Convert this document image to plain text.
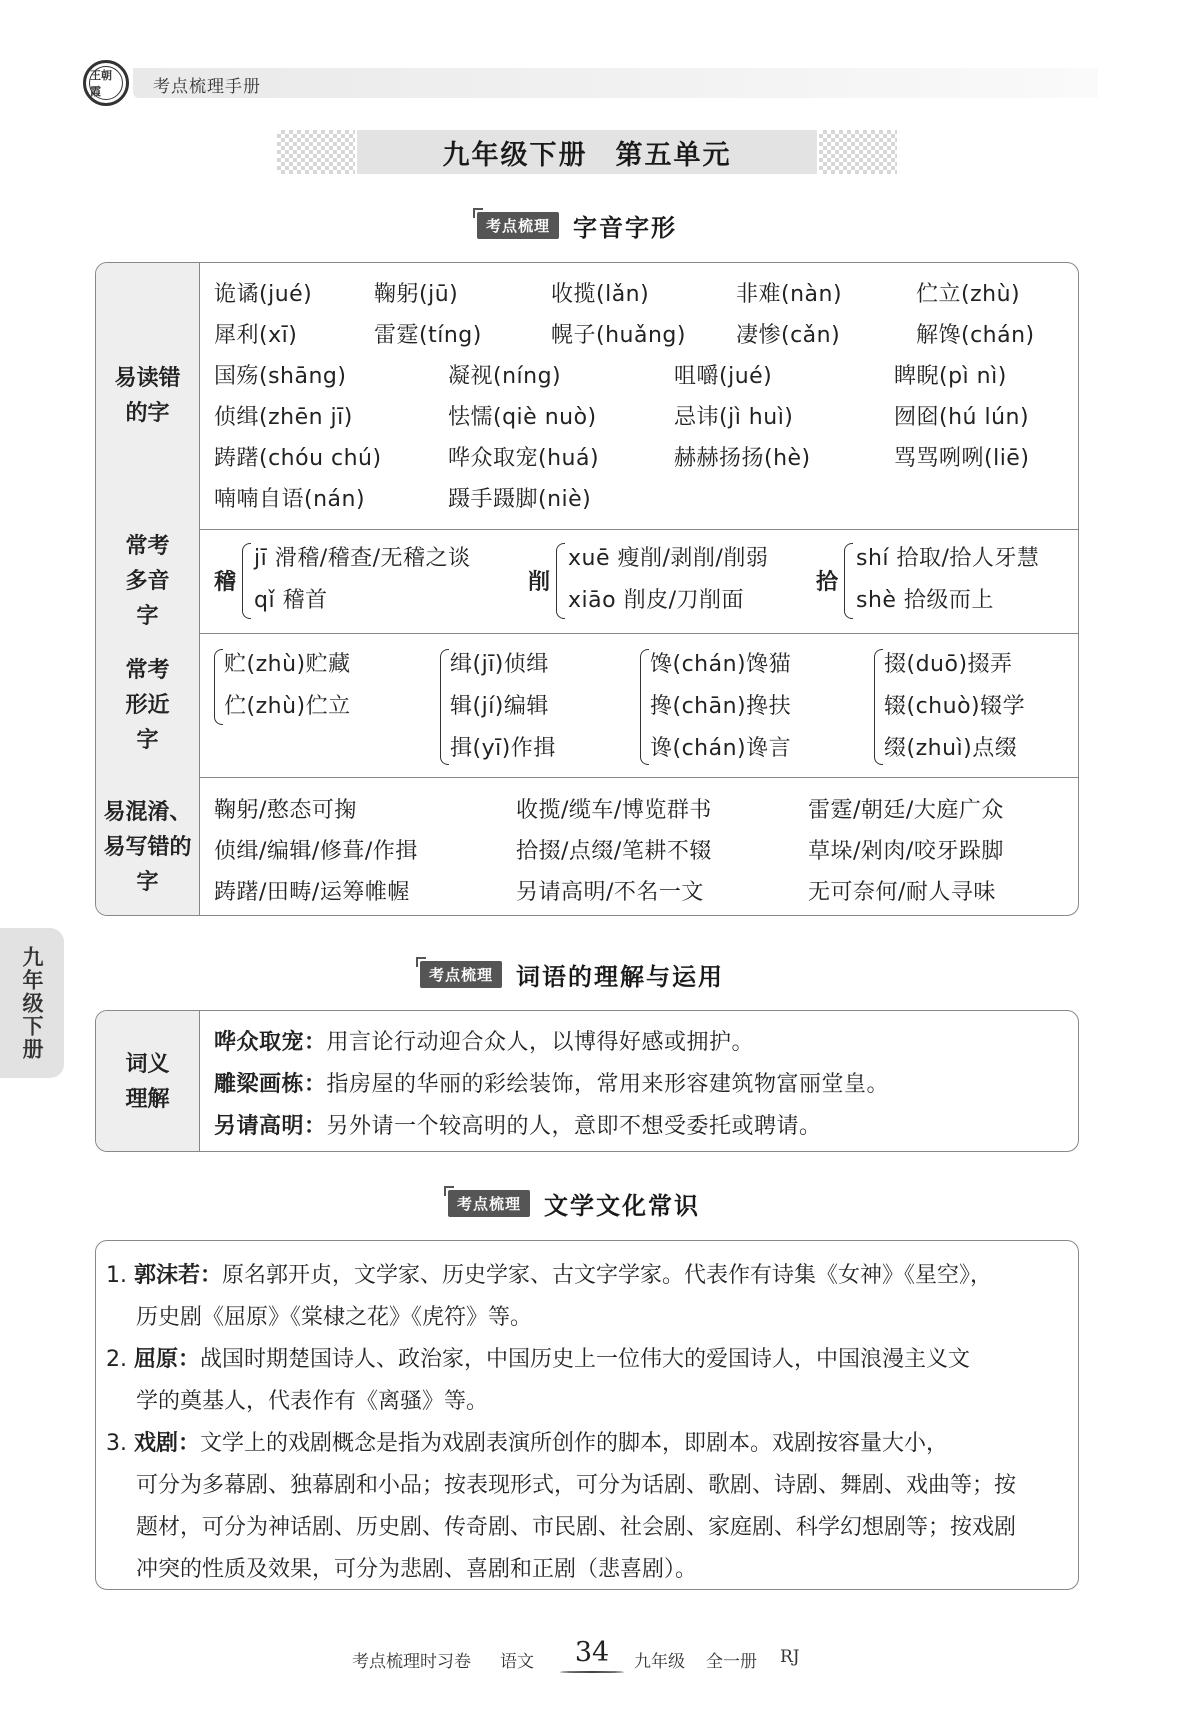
王朝霞	考点梳理手册
九年级下册 第五单元
考点梳理 字音字形
易读错的字
诡谲(jué)	鞠躬(jū)	收揽(lǎn)	非难(nàn)	伫立(zhù)
犀利(xī)	雷霆(tíng)	幌子(huǎng) 凄惨(cǎn)	解馋(chán)
国殇(shāng)	凝视(níng)	咀嚼(jué)	睥睨(pì nì)
侦缉(zhēn jī)	怯懦(qiè nuò)	忌讳(jì huì)	囫囵(hú lún)
踌躇(chóu chú)	哗众取宠(huá)	赫赫扬扬(hè)	骂骂咧咧(liē)
喃喃自语(nán)	蹑手蹑脚(niè)
常考多音字
稽
jī 滑稽/稽查/无稽之谈
qǐ 稽首
削
xuē 瘦削/剥削/削弱
xiāo 削皮/刀削面
拾
shí 拾取/拾人牙慧
shè 拾级而上
常考形近字
贮(zhù)贮藏
伫(zhù)伫立
缉(jī)侦缉
辑(jí)编辑
揖(yī)作揖
馋(chán)馋猫
搀(chān)搀扶
谗(chán)谗言
掇(duō)掇弄
辍(chuò)辍学
缀(zhuì)点缀
易混淆、易写错的字
鞠躬/憨态可掬	收揽/缆车/博览群书	雷霆/朝廷/大庭广众
侦缉/编辑/修葺/作揖	拾掇/点缀/笔耕不辍	草垛/剁肉/咬牙跺脚
踌躇/田畴/运筹帷幄	另请高明/不名一文	无可奈何/耐人寻味
九年级下册	考点梳理 词语的理解与运用
词义理解
哗众取宠：用言论行动迎合众人，以博得好感或拥护。
雕梁画栋：指房屋的华丽的彩绘装饰，常用来形容建筑物富丽堂皇。
另请高明：另外请一个较高明的人，意即不想受委托或聘请。
考点梳理 文学文化常识
1. 郭沫若：原名郭开贞，文学家、历史学家、古文字学家。代表作有诗集《女神》《星空》，
历史剧《屈原》《棠棣之花》《虎符》等。
2. 屈原：战国时期楚国诗人、政治家，中国历史上一位伟大的爱国诗人，中国浪漫主义文
学的奠基人，代表作有《离骚》等。
3. 戏剧：文学上的戏剧概念是指为戏剧表演所创作的脚本，即剧本。戏剧按容量大小，
可分为多幕剧、独幕剧和小品；按表现形式，可分为话剧、歌剧、诗剧、舞剧、戏曲等；按
题材，可分为神话剧、历史剧、传奇剧、市民剧、社会剧、家庭剧、科学幻想剧等；按戏剧
冲突的性质及效果，可分为悲剧、喜剧和正剧（悲喜剧）。
考点梳理时习卷 语文	34	九年级 全一册 RJ
